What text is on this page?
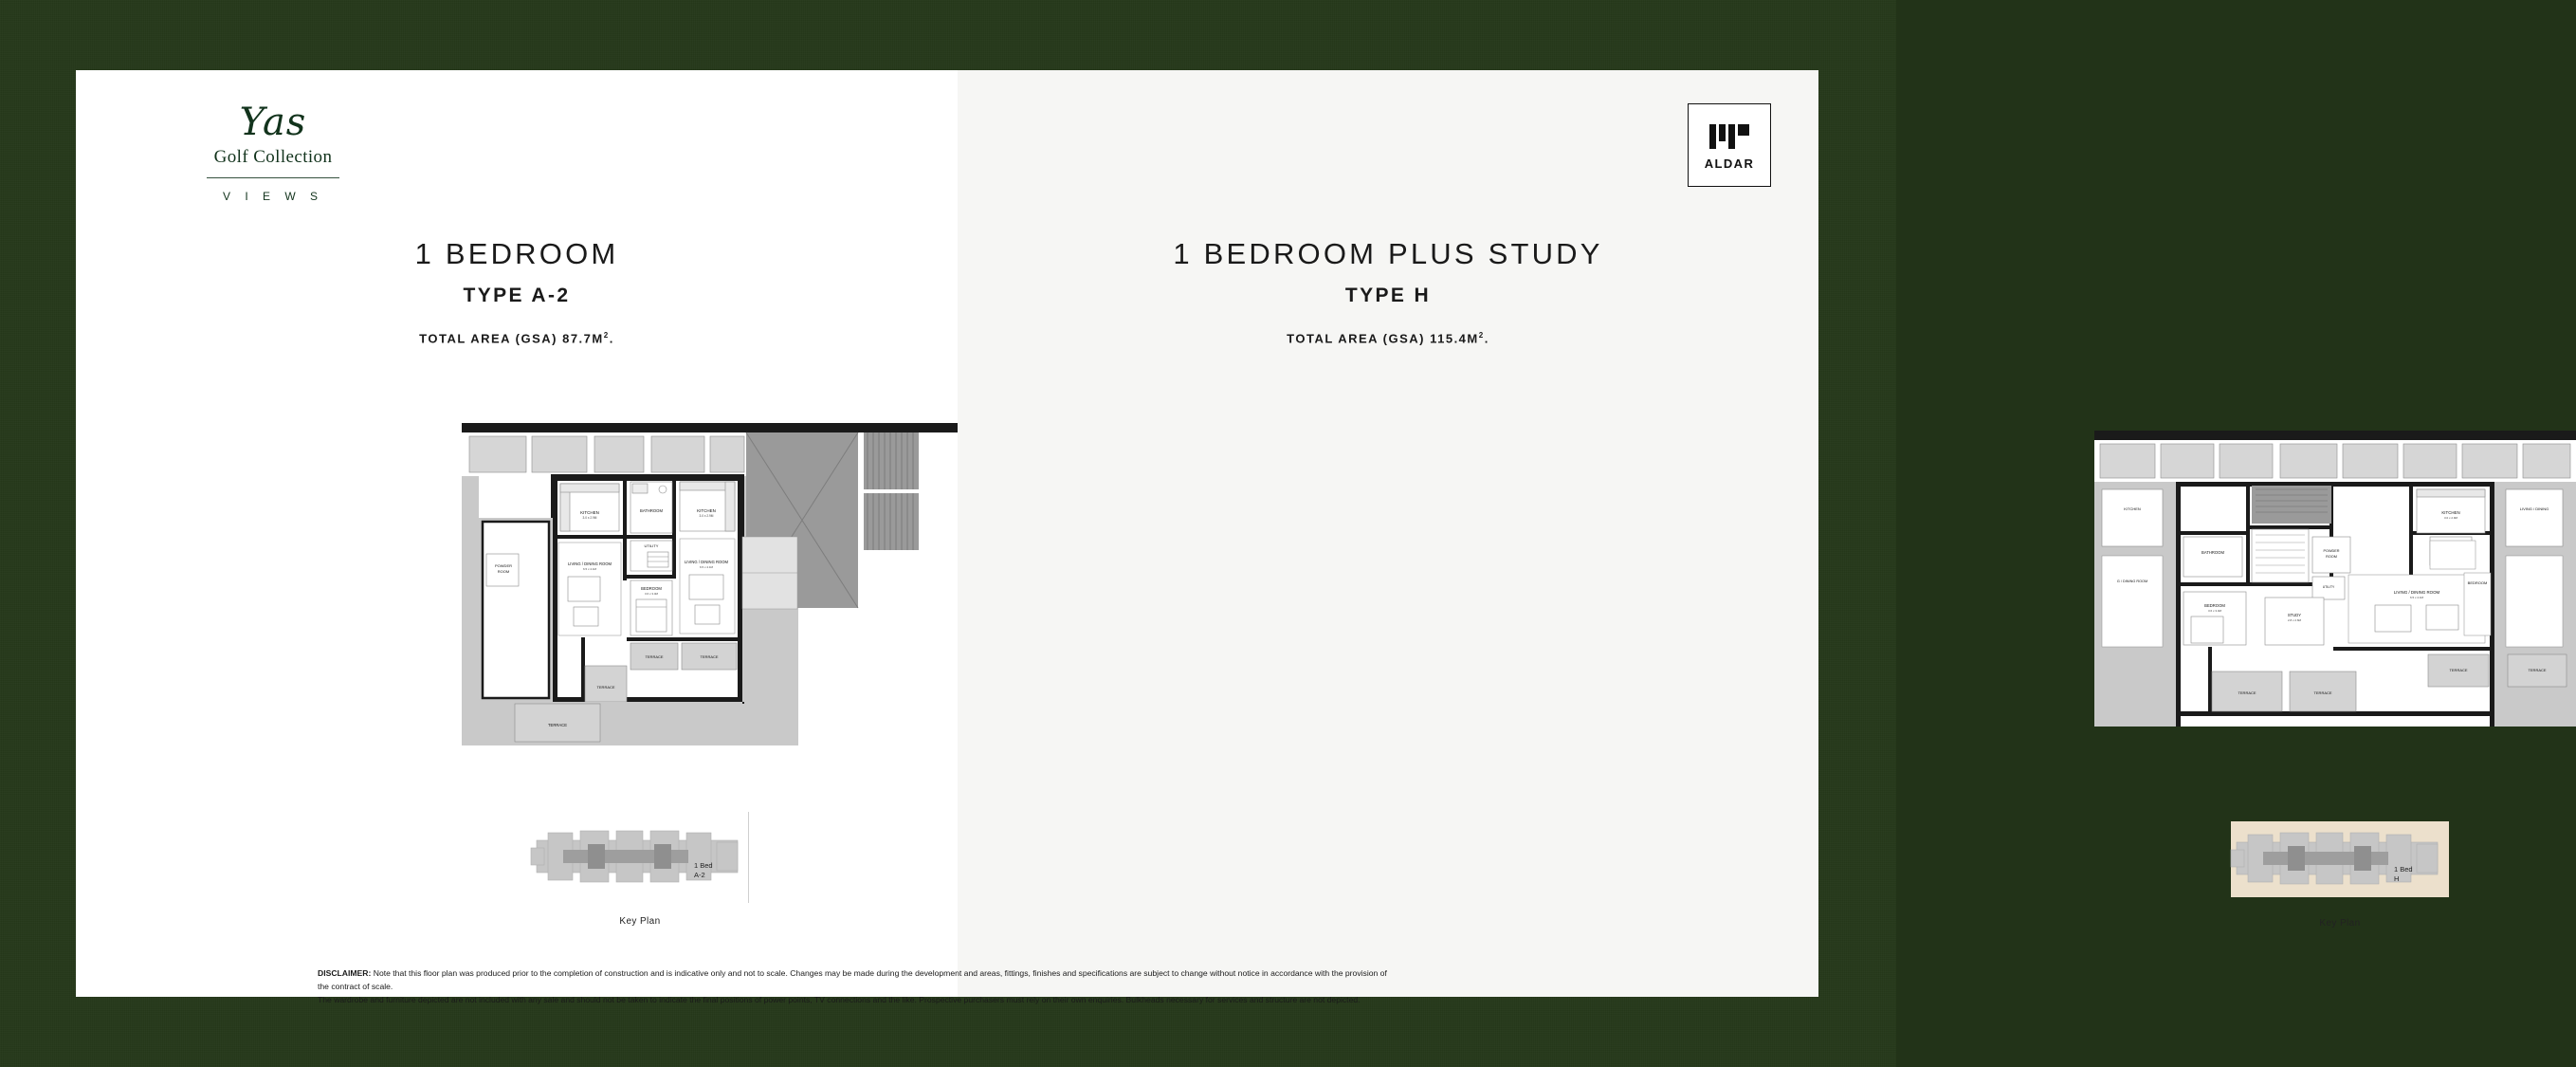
Yas
Golf Collection
V I E W S
1 BEDROOM
TYPE A-2
TOTAL AREA (GSA) $87.7M^2$.
KITCHEN
3.0 x 2.9M
BATHROOM	KITCHEN
3.0 x 2.9M
UTILITY
BEDROOM
3.6 x 3.4M
LIVING / DINING ROOM
6.5 x 4.1M
LIVING / DINING ROOM
6.5 x 4.1M
POWDER
ROOM
TERRACE
TERRACE	TERRACE
TERRACE
1 Bed
A-2
Key Plan
ALDAR
1 BEDROOM PLUS STUDY
TYPE H
TOTAL AREA (GSA) $115.4M^2$.
KITCHEN
G / DINING ROOM
LIVING / DINING
KITCHEN
3.0 x 2.9M
BATHROOM	POWDER
ROOM
UTILITY
BEDROOM
3.6 x 3.4M
STUDY
2.8 x 2.6M
LIVING / DINING ROOM
6.5 x 4.1M
BEDROOM
TERRACE	TERRACE
TERRACE
TERRACE
1 Bed
H
Key Plan
DISCLAIMER: Note that this floor plan was produced prior to the completion of construction and is indicative only and not to scale. Changes may be made during the development and areas, fittings, finishes and specifications are subject to change without notice in accordance with the provision of the contract of scale.
The wardrobe and furniture depicted are not included with any sale and should not be taken to indicate the final positions of power points, TV connections and the like. Prospective purchasers must rely on their own enquiries. Bulkheads necessary for services and structure are not depicted.
